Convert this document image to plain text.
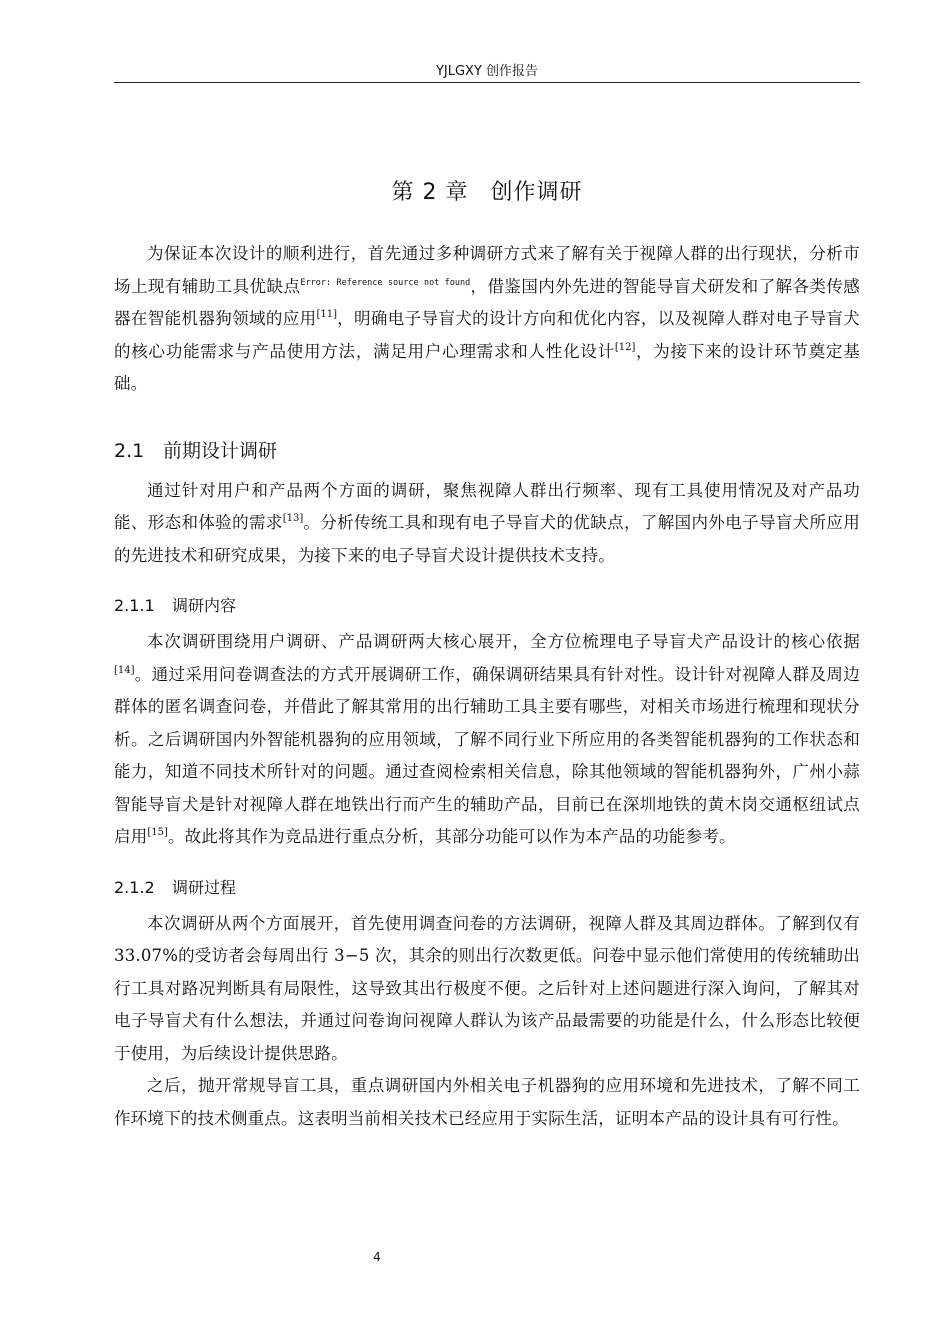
YJLGXY 创作报告
第 2 章 创作调研

为保证本次设计的顺利进行，首先通过多种调研方式来了解有关于视障人群的出行现状，分析市场上现有辅助工具优缺点$^{Error: Reference source not found}$，借鉴国内外先进的智能导盲犬研发和了解各类传感器在智能机器狗领域的应用[11]，明确电子导盲犬的设计方向和优化内容，以及视障人群对电子导盲犬的核心功能需求与产品使用方法，满足用户心理需求和人性化设计[12]，为接下来的设计环节奠定基础。

2.1 前期设计调研

通过针对用户和产品两个方面的调研，聚焦视障人群出行频率、现有工具使用情况及对产品功能、形态和体验的需求[13]。分析传统工具和现有电子导盲犬的优缺点，了解国内外电子导盲犬所应用的先进技术和研究成果，为接下来的电子导盲犬设计提供技术支持。

2.1.1 调研内容

本次调研围绕用户调研、产品调研两大核心展开，全方位梳理电子导盲犬产品设计的核心依据[14]。通过采用问卷调查法的方式开展调研工作，确保调研结果具有针对性。设计针对视障人群及周边群体的匿名调查问卷，并借此了解其常用的出行辅助工具主要有哪些，对相关市场进行梳理和现状分析。之后调研国内外智能机器狗的应用领域，了解不同行业下所应用的各类智能机器狗的工作状态和能力，知道不同技术所针对的问题。通过查阅检索相关信息，除其他领域的智能机器狗外，广州小蒜智能导盲犬是针对视障人群在地铁出行而产生的辅助产品，目前已在深圳地铁的黄木岗交通枢纽试点启用[15]。故此将其作为竞品进行重点分析，其部分功能可以作为本产品的功能参考。

2.1.2 调研过程

本次调研从两个方面展开，首先使用调查问卷的方法调研，视障人群及其周边群体。了解到仅有 33.07%的受访者会每周出行 3−5 次，其余的则出行次数更低。问卷中显示他们常使用的传统辅助出行工具对路况判断具有局限性，这导致其出行极度不便。之后针对上述问题进行深入询问，了解其对电子导盲犬有什么想法，并通过问卷询问视障人群认为该产品最需要的功能是什么，什么形态比较便于使用，为后续设计提供思路。

之后，抛开常规导盲工具，重点调研国内外相关电子机器狗的应用环境和先进技术，了解不同工作环境下的技术侧重点。这表明当前相关技术已经应用于实际生活，证明本产品的设计具有可行性。

4
